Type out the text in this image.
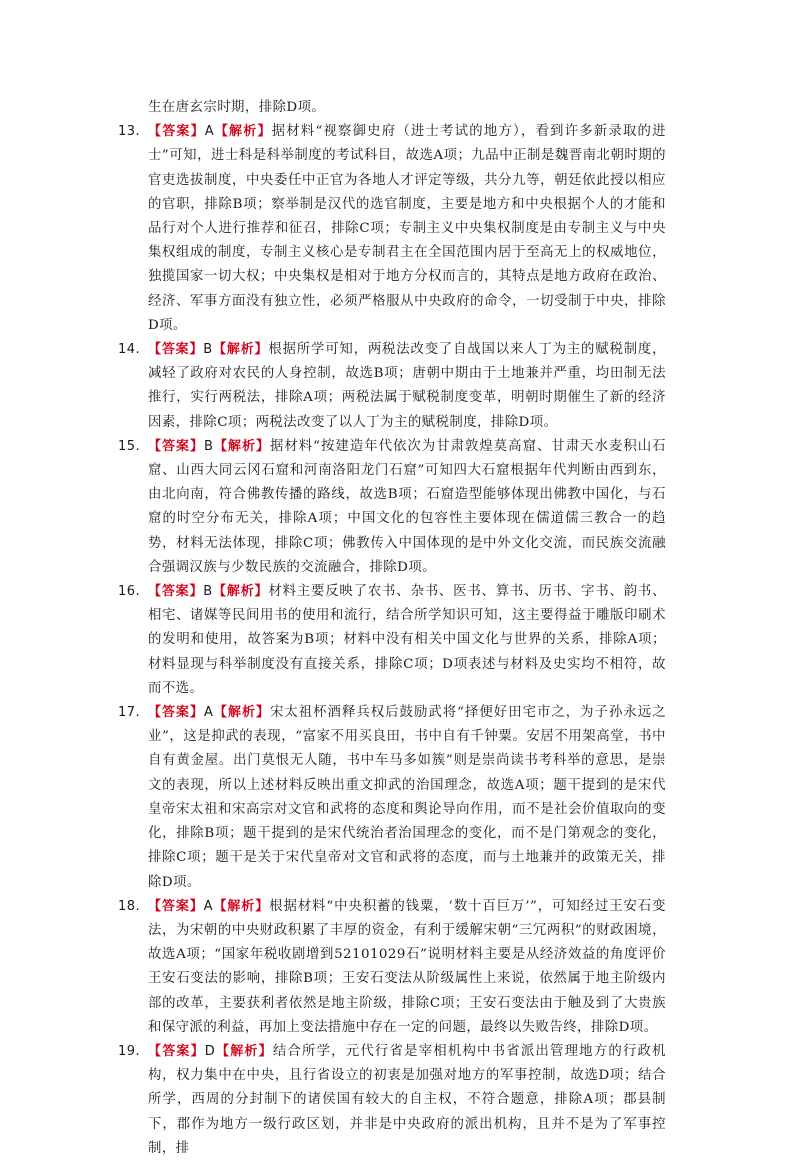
生在唐玄宗时期，排除D项。
13. 【答案】A【解析】据材料“视察御史府（进士考试的地方），看到许多新录取的进士”可知，进士科是科举制度的考试科目，故选A项；九品中正制是魏晋南北朝时期的官吏选拔制度，中央委任中正官为各地人才评定等级，共分九等，朝廷依此授以相应的官职，排除B项；察举制是汉代的选官制度，主要是地方和中央根据个人的才能和品行对个人进行推荐和征召，排除C项；专制主义中央集权制度是由专制主义与中央集权组成的制度，专制主义核心是专制君主在全国范围内居于至高无上的权威地位，独揽国家一切大权；中央集权是相对于地方分权而言的，其特点是地方政府在政治、经济、军事方面没有独立性，必须严格服从中央政府的命令，一切受制于中央，排除D项。
14. 【答案】B【解析】根据所学可知，两税法改变了自战国以来人丁为主的赋税制度，减轻了政府对农民的人身控制，故选B项；唐朝中期由于土地兼并严重，均田制无法推行，实行两税法，排除A项；两税法属于赋税制度变革，明朝时期催生了新的经济因素，排除C项；两税法改变了以人丁为主的赋税制度，排除D项。
15. 【答案】B【解析】据材料“按建造年代依次为甘肃敦煌莫高窟、甘肃天水麦积山石窟、山西大同云冈石窟和河南洛阳龙门石窟”可知四大石窟根据年代判断由西到东，由北向南，符合佛教传播的路线，故选B项；石窟造型能够体现出佛教中国化，与石窟的时空分布无关，排除A项；中国文化的包容性主要体现在儒道儒三教合一的趋势，材料无法体现，排除C项；佛教传入中国体现的是中外文化交流，而民族交流融合强调汉族与少数民族的交流融合，排除D项。
16. 【答案】B【解析】材料主要反映了农书、杂书、医书、算书、历书、字书、韵书、相宅、诸媒等民间用书的使用和流行，结合所学知识可知，这主要得益于雕版印刷术的发明和使用，故答案为B项；材料中没有相关中国文化与世界的关系，排除A项；材料显现与科举制度没有直接关系，排除C项；D项表述与材料及史实均不相符，故而不选。
17. 【答案】A【解析】宋太祖杯酒释兵权后鼓励武将“择便好田宅市之，为子孙永远之业”，这是抑武的表现，“富家不用买良田，书中自有千钟粟。安居不用架高堂，书中自有黄金屋。出门莫恨无人随，书中车马多如簇”则是崇尚读书考科举的意思，是崇文的表现，所以上述材料反映出重文抑武的治国理念，故选A项；题干提到的是宋代皇帝宋太祖和宋高宗对文官和武将的态度和舆论导向作用，而不是社会价值取向的变化，排除B项；题干提到的是宋代统治者治国理念的变化，而不是门第观念的变化，排除C项；题干是关于宋代皇帝对文官和武将的态度，而与土地兼并的政策无关，排除D项。
18. 【答案】A【解析】根据材料“中央积蓄的钱粟，‘数十百巨万’”，可知经过王安石变法，为宋朝的中央财政积累了丰厚的资金，有利于缓解宋朝“三冗两积”的财政困境，故选A项；“国家年税收剧增到52101029石”说明材料主要是从经济效益的角度评价王安石变法的影响，排除B项；王安石变法从阶级属性上来说，依然属于地主阶级内部的改革，主要获利者依然是地主阶级，排除C项；王安石变法由于触及到了大贵族和保守派的利益，再加上变法措施中存在一定的问题，最终以失败告终，排除D项。
19. 【答案】D【解析】结合所学，元代行省是宰相机构中书省派出管理地方的行政机构，权力集中在中央，且行省设立的初衷是加强对地方的军事控制，故选D项；结合所学，西周的分封制下的诸侯国有较大的自主权，不符合题意，排除A项；郡县制下，郡作为地方一级行政区划，并非是中央政府的派出机构，且并不是为了军事控制，排
